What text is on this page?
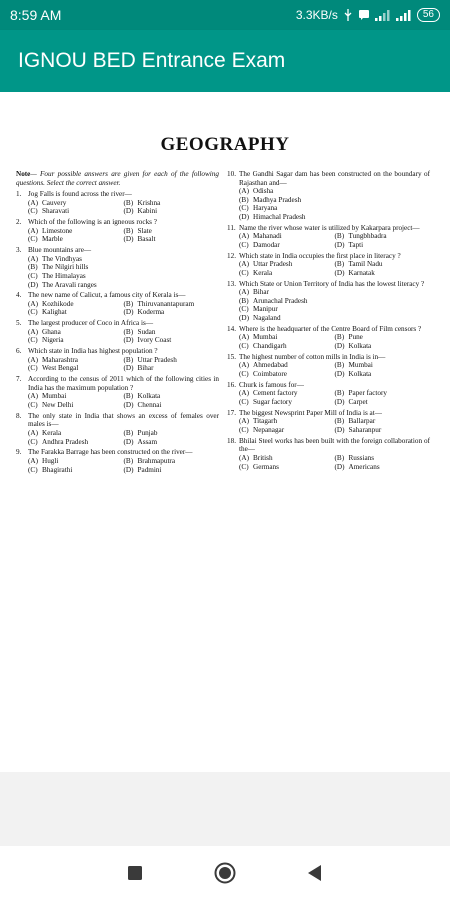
8:59 AM	3.3KB/s	56
IGNOU BED Entrance Exam
GEOGRAPHY
Note— Four possible answers are given for each of the following questions. Select the correct answer.
1. Jog Falls is found across the river—
(A) Cauvery	(B) Krishna
(C) Sharavati	(D) Kabini
2. Which of the following is an igneous rocks ?
(A) Limestone	(B) Slate
(C) Marble	(D) Basalt
3. Blue mountains are—
(A) The Vindhyas
(B) The Nilgiri hills
(C) The Himalayas
(D) The Aravali ranges
4. The new name of Calicut, a famous city of Kerala is—
(A) Kozhikode	(B) Thiruvanantapuram
(C) Kalighat	(D) Koderma
5. The largest producer of Coco in Africa is—
(A) Ghana	(B) Sudan
(C) Nigeria	(D) Ivory Coast
6. Which state in India has highest population ?
(A) Maharashtra	(B) Uttar Pradesh
(C) West Bengal	(D) Bihar
7. According to the census of 2011 which of the following cities in India has the maximum population ?
(A) Mumbai	(B) Kolkata
(C) New Delhi	(D) Chennai
8. The only state in India that shows an excess of females over males is—
(A) Kerala	(B) Punjab
(C) Andhra Pradesh	(D) Assam
9. The Farakka Barrage has been constructed on the river—
(A) Hugli	(B) Brahmaputra
(C) Bhagirathi	(D) Padmini
10. The Gandhi Sagar dam has been constructed on the boundary of Rajasthan and—
(A) Odisha
(B) Madhya Pradesh
(C) Haryana
(D) Himachal Pradesh
11. Name the river whose water is utilized by Kakarpara project—
(A) Mahanadi	(B) Tungbhbadra
(C) Damodar	(D) Tapti
12. Which state in India occupies the first place in literacy ?
(A) Uttar Pradesh	(B) Tamil Nadu
(C) Kerala	(D) Karnatak
13. Which State or Union Territory of India has the lowest literacy ?
(A) Bihar
(B) Arunachal Pradesh
(C) Manipur
(D) Nagaland
14. Where is the headquarter of the Centre Board of Film censors ?
(A) Mumbai	(B) Pune
(C) Chandigarh	(D) Kolkata
15. The highest number of cotton mills in India is in—
(A) Ahmedabad	(B) Mumbai
(C) Coimbatore	(D) Kolkata
16. Churk is famous for—
(A) Cement factory	(B) Paper factory
(C) Sugar factory	(D) Carpet
17. The biggest Newsprint Paper Mill of India is at—
(A) Titagarh	(B) Ballarpar
(C) Nepanagar	(D) Saharanpur
18. Bhilai Steel works has been built with the foreign collaboration of the—
(A) British	(B) Russians
(C) Germans	(D) Americans
